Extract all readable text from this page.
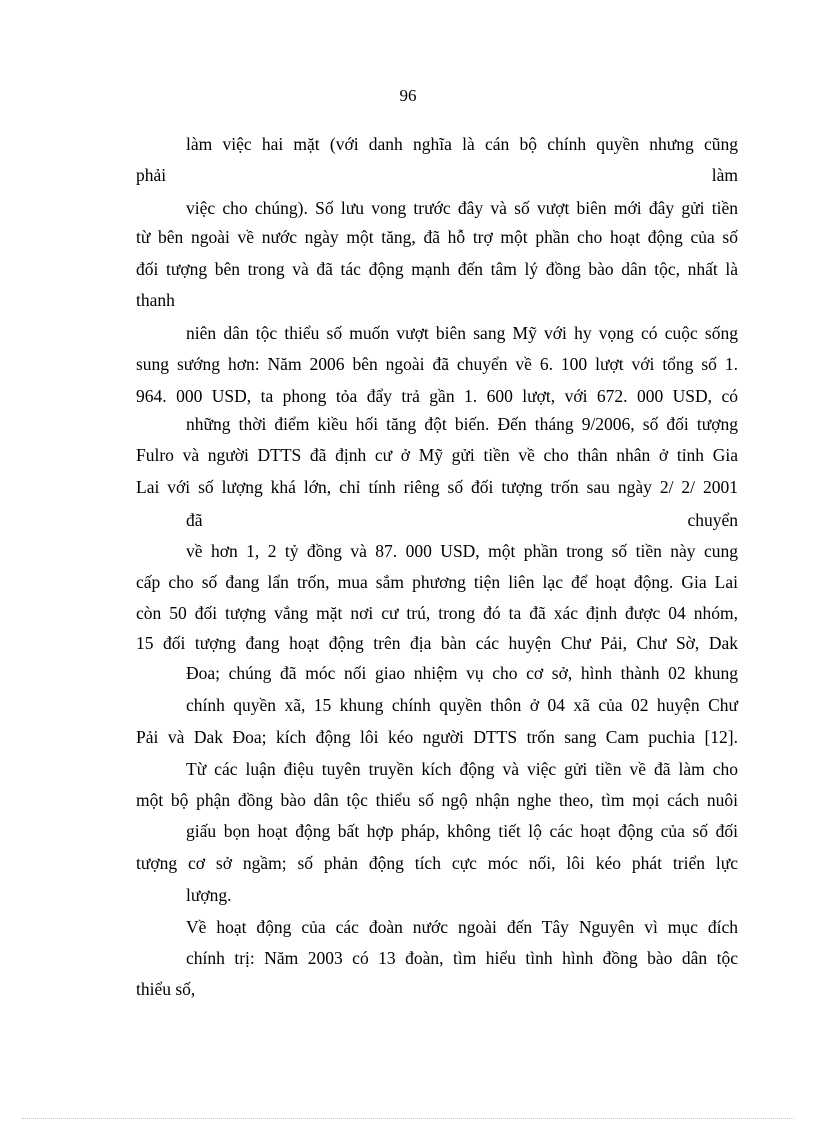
96
làm việc hai mặt (với danh nghĩa là cán bộ chính quyền nhưng cũng
phải	làm
việc cho chúng). Số lưu vong trước đây và số vượt biên mới đây gửi tiền
từ bên ngoài về nước ngày một tăng, đã hỗ trợ một phần cho hoạt động của số
đối tượng bên trong và đã tác động mạnh đến tâm lý đồng bào dân tộc, nhất là
thanh
niên dân tộc thiểu số muốn vượt biên sang Mỹ với hy vọng có cuộc sống
sung sướng hơn: Năm 2006 bên ngoài đã chuyển về 6. 100 lượt với tổng số 1.
964. 000 USD, ta phong tỏa đẩy trả gần 1. 600 lượt, với 672. 000 USD, có
những thời điểm kiều hối tăng đột biến. Đến tháng 9/2006, số đối tượng
Fulro và người DTTS đã định cư ở Mỹ gửi tiền về cho thân nhân ở tỉnh Gia
Lai với số lượng khá lớn, chỉ tính riêng số đối tượng trốn sau ngày 2/ 2/ 2001
đã	chuyển
về hơn 1, 2 tỷ đồng và 87. 000 USD, một phần trong số tiền này cung
cấp cho số đang lẩn trốn, mua sắm phương tiện liên lạc để hoạt động. Gia Lai
còn 50 đối tượng vắng mặt nơi cư trú, trong đó ta đã xác định được 04 nhóm,
15 đối tượng đang hoạt động trên địa bàn các huyện Chư Pải, Chư Sờ, Dak
Đoa; chúng đã móc nối giao nhiệm vụ cho cơ sở, hình thành 02 khung
chính quyền xã, 15 khung chính quyền thôn ở 04 xã của 02 huyện Chư
Pải và Dak Đoa; kích động lôi kéo người DTTS trốn sang Cam puchia [12].
Từ các luận điệu tuyên truyền kích động và việc gửi tiền về đã làm cho
một bộ phận đồng bào dân tộc thiểu số ngộ nhận nghe theo, tìm mọi cách nuôi
giấu bọn hoạt động bất hợp pháp, không tiết lộ các hoạt động của số đối
tượng cơ sở ngầm; số phản động tích cực móc nối, lôi kéo phát triển lực
lượng.
Về hoạt động của các đoàn nước ngoài đến Tây Nguyên vì mục đích
chính trị: Năm 2003 có 13 đoàn, tìm hiểu tình hình đồng bào dân tộc
thiểu số,
